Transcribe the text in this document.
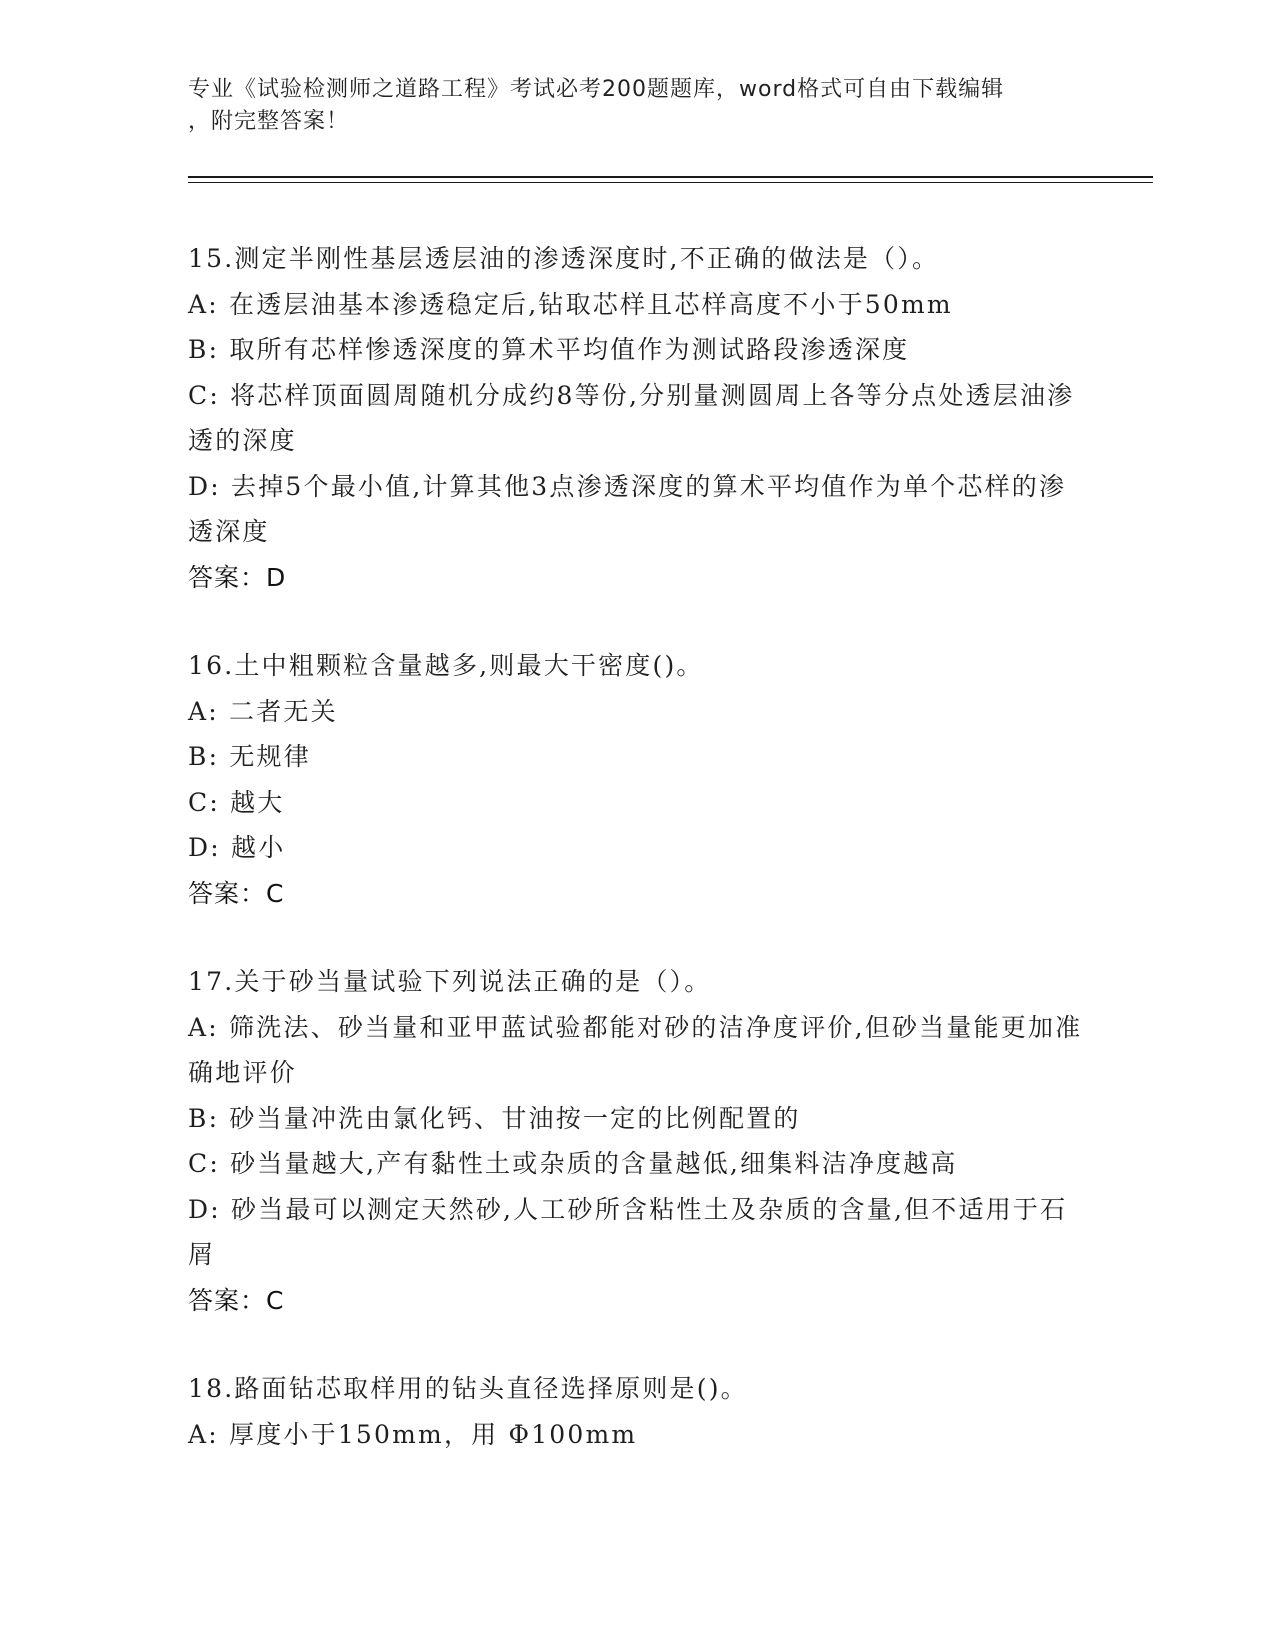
专业《试验检测师之道路工程》考试必考200题题库，word格式可自由下载编辑
，附完整答案！
15.测定半刚性基层透层油的渗透深度时,不正确的做法是（）。
A: 在透层油基本渗透稳定后,钻取芯样且芯样高度不小于50mm
B: 取所有芯样惨透深度的算术平均值作为测试路段渗透深度
C: 将芯样顶面圆周随机分成约8等份,分别量测圆周上各等分点处透层油渗透的深度
D: 去掉5个最小值,计算其他3点渗透深度的算术平均值作为单个芯样的渗透深度
答案：D
16.土中粗颗粒含量越多,则最大干密度()。
A: 二者无关
B: 无规律
C: 越大
D: 越小
答案：C
17.关于砂当量试验下列说法正确的是（）。
A: 筛洗法、砂当量和亚甲蓝试验都能对砂的洁净度评价,但砂当量能更加准确地评价
B: 砂当量冲洗由氯化钙、甘油按一定的比例配置的
C: 砂当量越大,产有黏性土或杂质的含量越低,细集料洁净度越高
D: 砂当最可以测定天然砂,人工砂所含粘性土及杂质的含量,但不适用于石屑
答案：C
18.路面钻芯取样用的钻头直径选择原则是()。
A: 厚度小于150mm，用 Φ100mm
